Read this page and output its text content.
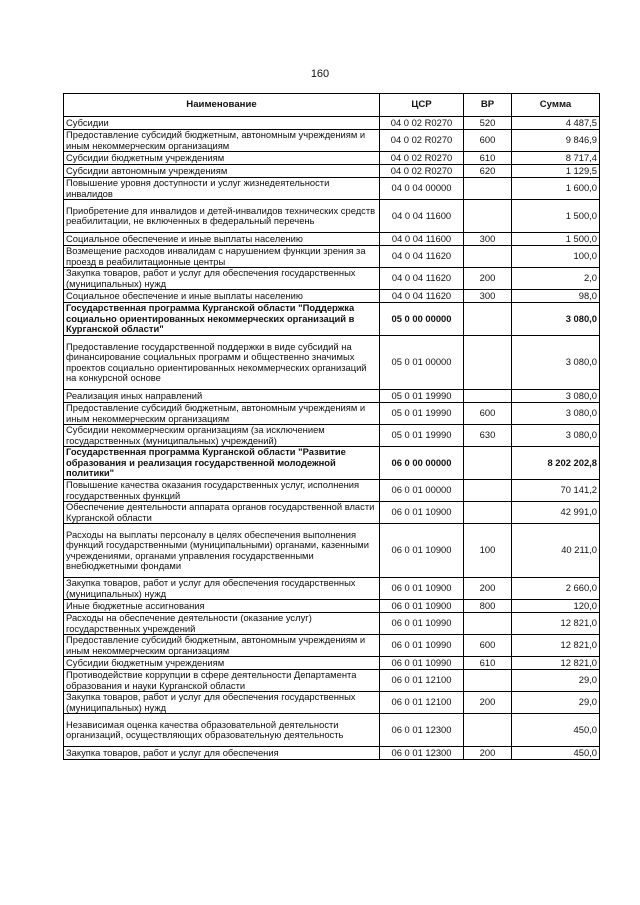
160
Наименование	ЦСР	ВР	Сумма
Субсидии	04 0 02 R0270	520	4 487,5
Предоставление субсидий бюджетным, автономным учреждениям и иным некоммерческим организациям	04 0 02 R0270	600	9 846,9
Субсидии бюджетным учреждениям	04 0 02 R0270	610	8 717,4
Субсидии автономным учреждениям	04 0 02 R0270	620	1 129,5
Повышение уровня доступности и услуг жизнедеятельности инвалидов	04 0 04 00000		1 600,0
Приобретение для инвалидов и детей-инвалидов технических средств реабилитации, не включенных в федеральный перечень	04 0 04 11600		1 500,0
Социальное обеспечение и иные выплаты населению	04 0 04 11600	300	1 500,0
Возмещение расходов инвалидам с нарушением функции зрения за проезд в реабилитационные центры	04 0 04 11620		100,0
Закупка товаров, работ и услуг для обеспечения государственных (муниципальных) нужд	04 0 04 11620	200	2,0
Социальное обеспечение и иные выплаты населению	04 0 04 11620	300	98,0
Государственная программа Курганской области "Поддержка социально ориентированных некоммерческих организаций в Курганской области"	05 0 00 00000		3 080,0
Предоставление государственной поддержки в виде субсидий на финансирование социальных программ и общественно значимых проектов социально ориентированных некоммерческих организаций на конкурсной основе	05 0 01 00000		3 080,0
Реализация иных направлений	05 0 01 19990		3 080,0
Предоставление субсидий бюджетным, автономным учреждениям и иным некоммерческим организациям	05 0 01 19990	600	3 080,0
Субсидии некоммерческим организациям (за исключением государственных (муниципальных) учреждений)	05 0 01 19990	630	3 080,0
Государственная программа Курганской области "Развитие образования и реализация государственной молодежной политики"	06 0 00 00000		8 202 202,8
Повышение качества оказания государственных услуг, исполнения государственных функций	06 0 01 00000		70 141,2
Обеспечение деятельности аппарата органов государственной власти Курганской области	06 0 01 10900		42 991,0
Расходы на выплаты персоналу в целях обеспечения выполнения функций государственными (муниципальными) органами, казенными учреждениями, органами управления государственными внебюджетными фондами	06 0 01 10900	100	40 211,0
Закупка товаров, работ и услуг для обеспечения государственных (муниципальных) нужд	06 0 01 10900	200	2 660,0
Иные бюджетные ассигнования	06 0 01 10900	800	120,0
Расходы на обеспечение деятельности (оказание услуг) государственных учреждений	06 0 01 10990		12 821,0
Предоставление субсидий бюджетным, автономным учреждениям и иным некоммерческим организациям	06 0 01 10990	600	12 821,0
Субсидии бюджетным учреждениям	06 0 01 10990	610	12 821,0
Противодействие коррупции в сфере деятельности Департамента образования и науки Курганской области	06 0 01 12100		29,0
Закупка товаров, работ и услуг для обеспечения государственных (муниципальных) нужд	06 0 01 12100	200	29,0
Независимая оценка качества образовательной деятельности организаций, осуществляющих образовательную деятельность	06 0 01 12300		450,0
Закупка товаров, работ и услуг для обеспечения	06 0 01 12300	200	450,0
